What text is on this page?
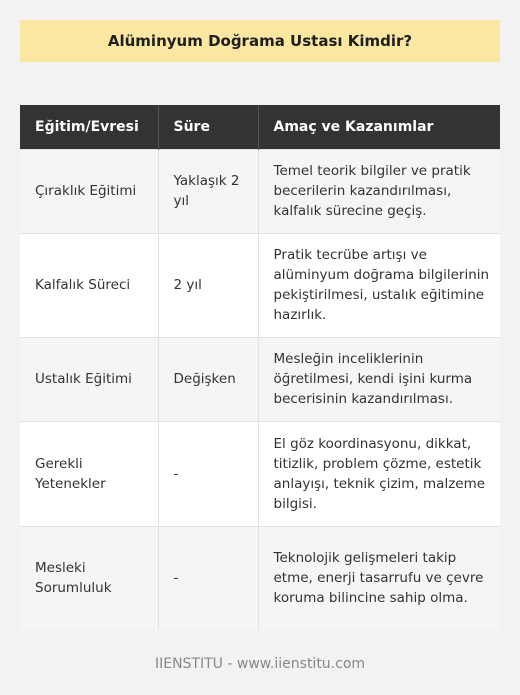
Alüminyum Doğrama Ustası Kimdir?
Eğitim/Evresi	Süre	Amaç ve Kazanımlar
Çıraklık Eğitimi	Yaklaşık 2 yıl	Temel teorik bilgiler ve pratik becerilerin kazandırılması, kalfalık sürecine geçiş.
Kalfalık Süreci	2 yıl	Pratik tecrübe artışı ve alüminyum doğrama bilgilerinin pekiştirilmesi, ustalık eğitimine hazırlık.
Ustalık Eğitimi	Değişken	Mesleğin inceliklerinin öğretilmesi, kendi işini kurma becerisinin kazandırılması.
Gerekli Yetenekler	-	El göz koordinasyonu, dikkat, titizlik, problem çözme, estetik anlayışı, teknik çizim, malzeme bilgisi.
Mesleki Sorumluluk	-	Teknolojik gelişmeleri takip etme, enerji tasarrufu ve çevre koruma bilincine sahip olma.
IIENSTITU - www.iienstitu.com
